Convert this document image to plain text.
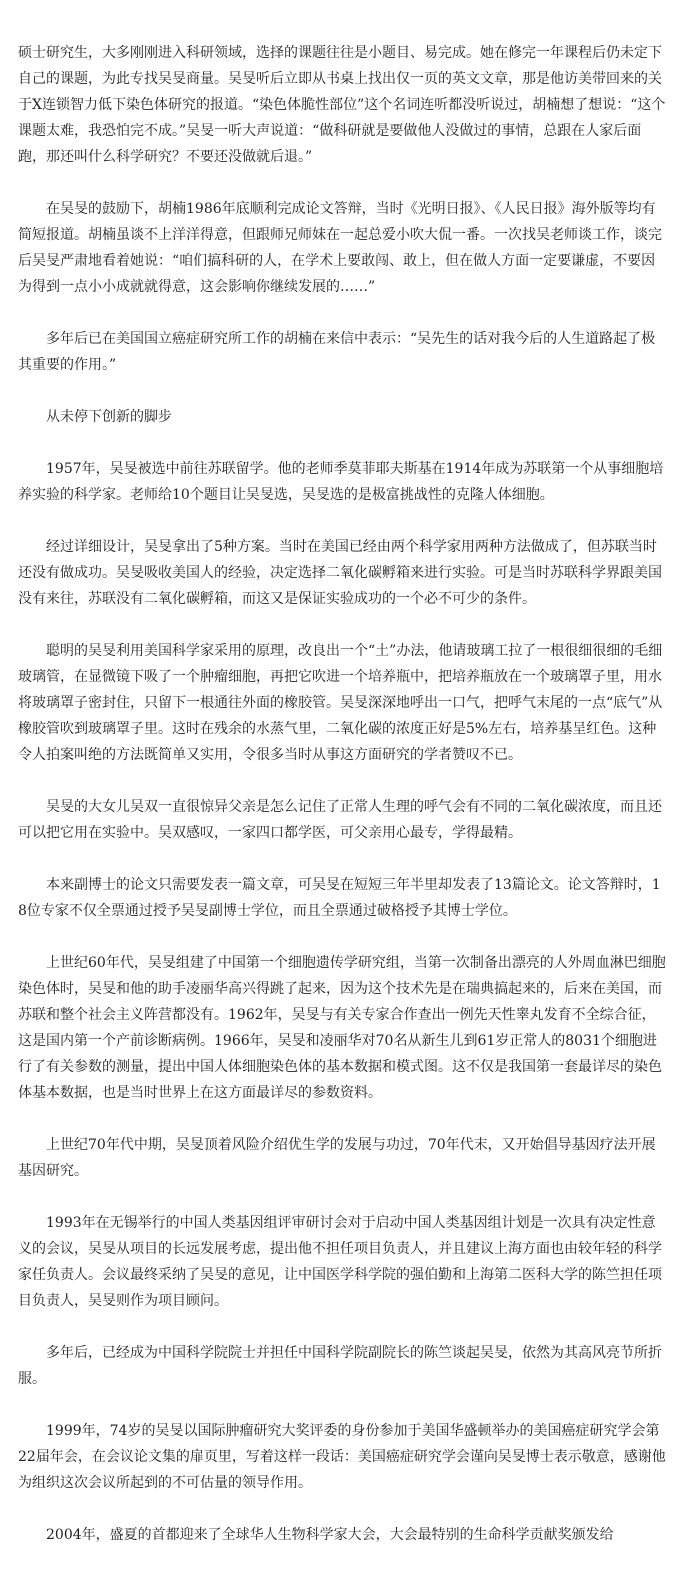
硕士研究生，大多刚刚进入科研领域，选择的课题往往是小题目、易完成。她在修完一年课程后仍未定下自己的课题，为此专找吴旻商量。吴旻听后立即从书桌上找出仅一页的英文文章，那是他访美带回来的关于X连锁智力低下染色体研究的报道。“染色体脆性部位”这个名词连听都没听说过，胡楠想了想说：“这个课题太难，我恐怕完不成。”吴旻一听大声说道：“做科研就是要做他人没做过的事情，总跟在人家后面跑，那还叫什么科学研究？不要还没做就后退。”

在吴旻的鼓励下，胡楠1986年底顺利完成论文答辩，当时《光明日报》、《人民日报》海外版等均有简短报道。胡楠虽谈不上洋洋得意，但跟师兄师妹在一起总爱小吹大侃一番。一次找吴老师谈工作，谈完后吴旻严肃地看着她说：“咱们搞科研的人，在学术上要敢闯、敢上，但在做人方面一定要谦虚，不要因为得到一点小小成就就得意，这会影响你继续发展的……”

多年后已在美国国立癌症研究所工作的胡楠在来信中表示：“吴先生的话对我今后的人生道路起了极其重要的作用。”

从未停下创新的脚步

1957年，吴旻被选中前往苏联留学。他的老师季莫菲耶夫斯基在1914年成为苏联第一个从事细胞培养实验的科学家。老师给10个题目让吴旻选，吴旻选的是极富挑战性的克隆人体细胞。

经过详细设计，吴旻拿出了5种方案。当时在美国已经由两个科学家用两种方法做成了，但苏联当时还没有做成功。吴旻吸收美国人的经验，决定选择二氧化碳孵箱来进行实验。可是当时苏联科学界跟美国没有来往，苏联没有二氧化碳孵箱，而这又是保证实验成功的一个必不可少的条件。

聪明的吴旻利用美国科学家采用的原理，改良出一个“土”办法，他请玻璃工拉了一根很细很细的毛细玻璃管，在显微镜下吸了一个肿瘤细胞，再把它吹进一个培养瓶中，把培养瓶放在一个玻璃罩子里，用水将玻璃罩子密封住，只留下一根通往外面的橡胶管。吴旻深深地呼出一口气，把呼气末尾的一点“底气”从橡胶管吹到玻璃罩子里。这时在残余的水蒸气里，二氧化碳的浓度正好是5%左右，培养基呈红色。这种令人拍案叫绝的方法既简单又实用，令很多当时从事这方面研究的学者赞叹不已。

吴旻的大女儿吴双一直很惊异父亲是怎么记住了正常人生理的呼气会有不同的二氧化碳浓度，而且还可以把它用在实验中。吴双感叹，一家四口都学医，可父亲用心最专，学得最精。

本来副博士的论文只需要发表一篇文章，可吴旻在短短三年半里却发表了13篇论文。论文答辩时，18位专家不仅全票通过授予吴旻副博士学位，而且全票通过破格授予其博士学位。

上世纪60年代，吴旻组建了中国第一个细胞遗传学研究组，当第一次制备出漂亮的人外周血淋巴细胞染色体时，吴旻和他的助手凌丽华高兴得跳了起来，因为这个技术先是在瑞典搞起来的，后来在美国，而苏联和整个社会主义阵营都没有。1962年，吴旻与有关专家合作查出一例先天性睾丸发育不全综合征，这是国内第一个产前诊断病例。1966年，吴旻和凌丽华对70名从新生儿到61岁正常人的8031个细胞进行了有关参数的测量，提出中国人体细胞染色体的基本数据和模式图。这不仅是我国第一套最详尽的染色体基本数据，也是当时世界上在这方面最详尽的参数资料。

上世纪70年代中期，吴旻顶着风险介绍优生学的发展与功过，70年代末，又开始倡导基因疗法开展基因研究。

1993年在无锡举行的中国人类基因组评审研讨会对于启动中国人类基因组计划是一次具有决定性意义的会议，吴旻从项目的长远发展考虑，提出他不担任项目负责人，并且建议上海方面也由较年轻的科学家任负责人。会议最终采纳了吴旻的意见，让中国医学科学院的强伯勤和上海第二医科大学的陈竺担任项目负责人，吴旻则作为项目顾问。

多年后，已经成为中国科学院院士并担任中国科学院副院长的陈竺谈起吴旻，依然为其高风亮节所折服。

1999年，74岁的吴旻以国际肿瘤研究大奖评委的身份参加于美国华盛顿举办的美国癌症研究学会第22届年会，在会议论文集的扉页里，写着这样一段话：美国癌症研究学会谨向吴旻博士表示敬意，感谢他为组织这次会议所起到的不可估量的领导作用。

2004年，盛夏的首都迎来了全球华人生物科学家大会，大会最特别的生命科学贡献奖颁发给
